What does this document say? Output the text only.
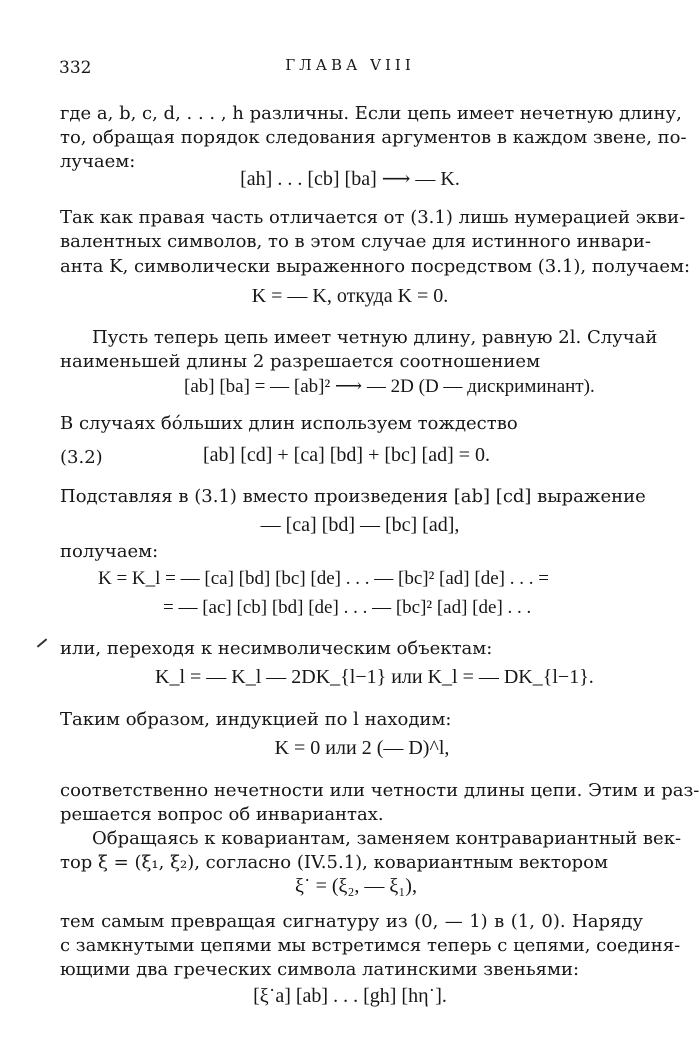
332	ГЛАВА VIII
где a, b, c, d, . . . , h различны. Если цепь имеет нечетную длину,
то, обращая порядок следования аргументов в каждом звене, по-
лучаем:
[ah] . . . [cb] [ba] ⟶ — K.
Так как правая часть отличается от (3.1) лишь нумерацией экви-
валентных символов, то в этом случае для истинного инвари-
анта K, символически выраженного посредством (3.1), получаем:
K = — K, откуда K = 0.
Пусть теперь цепь имеет четную длину, равную 2l. Случай
наименьшей длины 2 разрешается соотношением
[ab] [ba] = — [ab]² ⟶ — 2D (D — дискриминант).
В случаях бо́льших длин используем тождество
(3.2)	[ab] [cd] + [ca] [bd] + [bc] [ad] = 0.
Подставляя в (3.1) вместо произведения [ab] [cd] выражение
— [ca] [bd] — [bc] [ad],
получаем:
K = K_l = — [ca] [bd] [bc] [de] . . . — [bc]² [ad] [de] . . . =
= — [ac] [cb] [bd] [de] . . . — [bc]² [ad] [de] . . .
или, переходя к несимволическим объектам:
K_l = — K_l — 2DK_{l−1} или K_l = — DK_{l−1}.
Таким образом, индукцией по l находим:
K = 0 или 2 (— D)^l,
соответственно нечетности или четности длины цепи. Этим и раз-
решается вопрос об инвариантах.
Обращаясь к ковариантам, заменяем контравариантный век-
тор ξ = (ξ₁, ξ₂), согласно (IV.5.1), ковариантным вектором
ξ˙ = (ξ₂, — ξ₁),
тем самым превращая сигнатуру из (0, — 1) в (1, 0). Наряду
с замкнутыми цепями мы встретимся теперь с цепями, соединя-
ющими два греческих символа латинскими звеньями:
[ξ˙a] [ab] . . . [gh] [hη˙].
